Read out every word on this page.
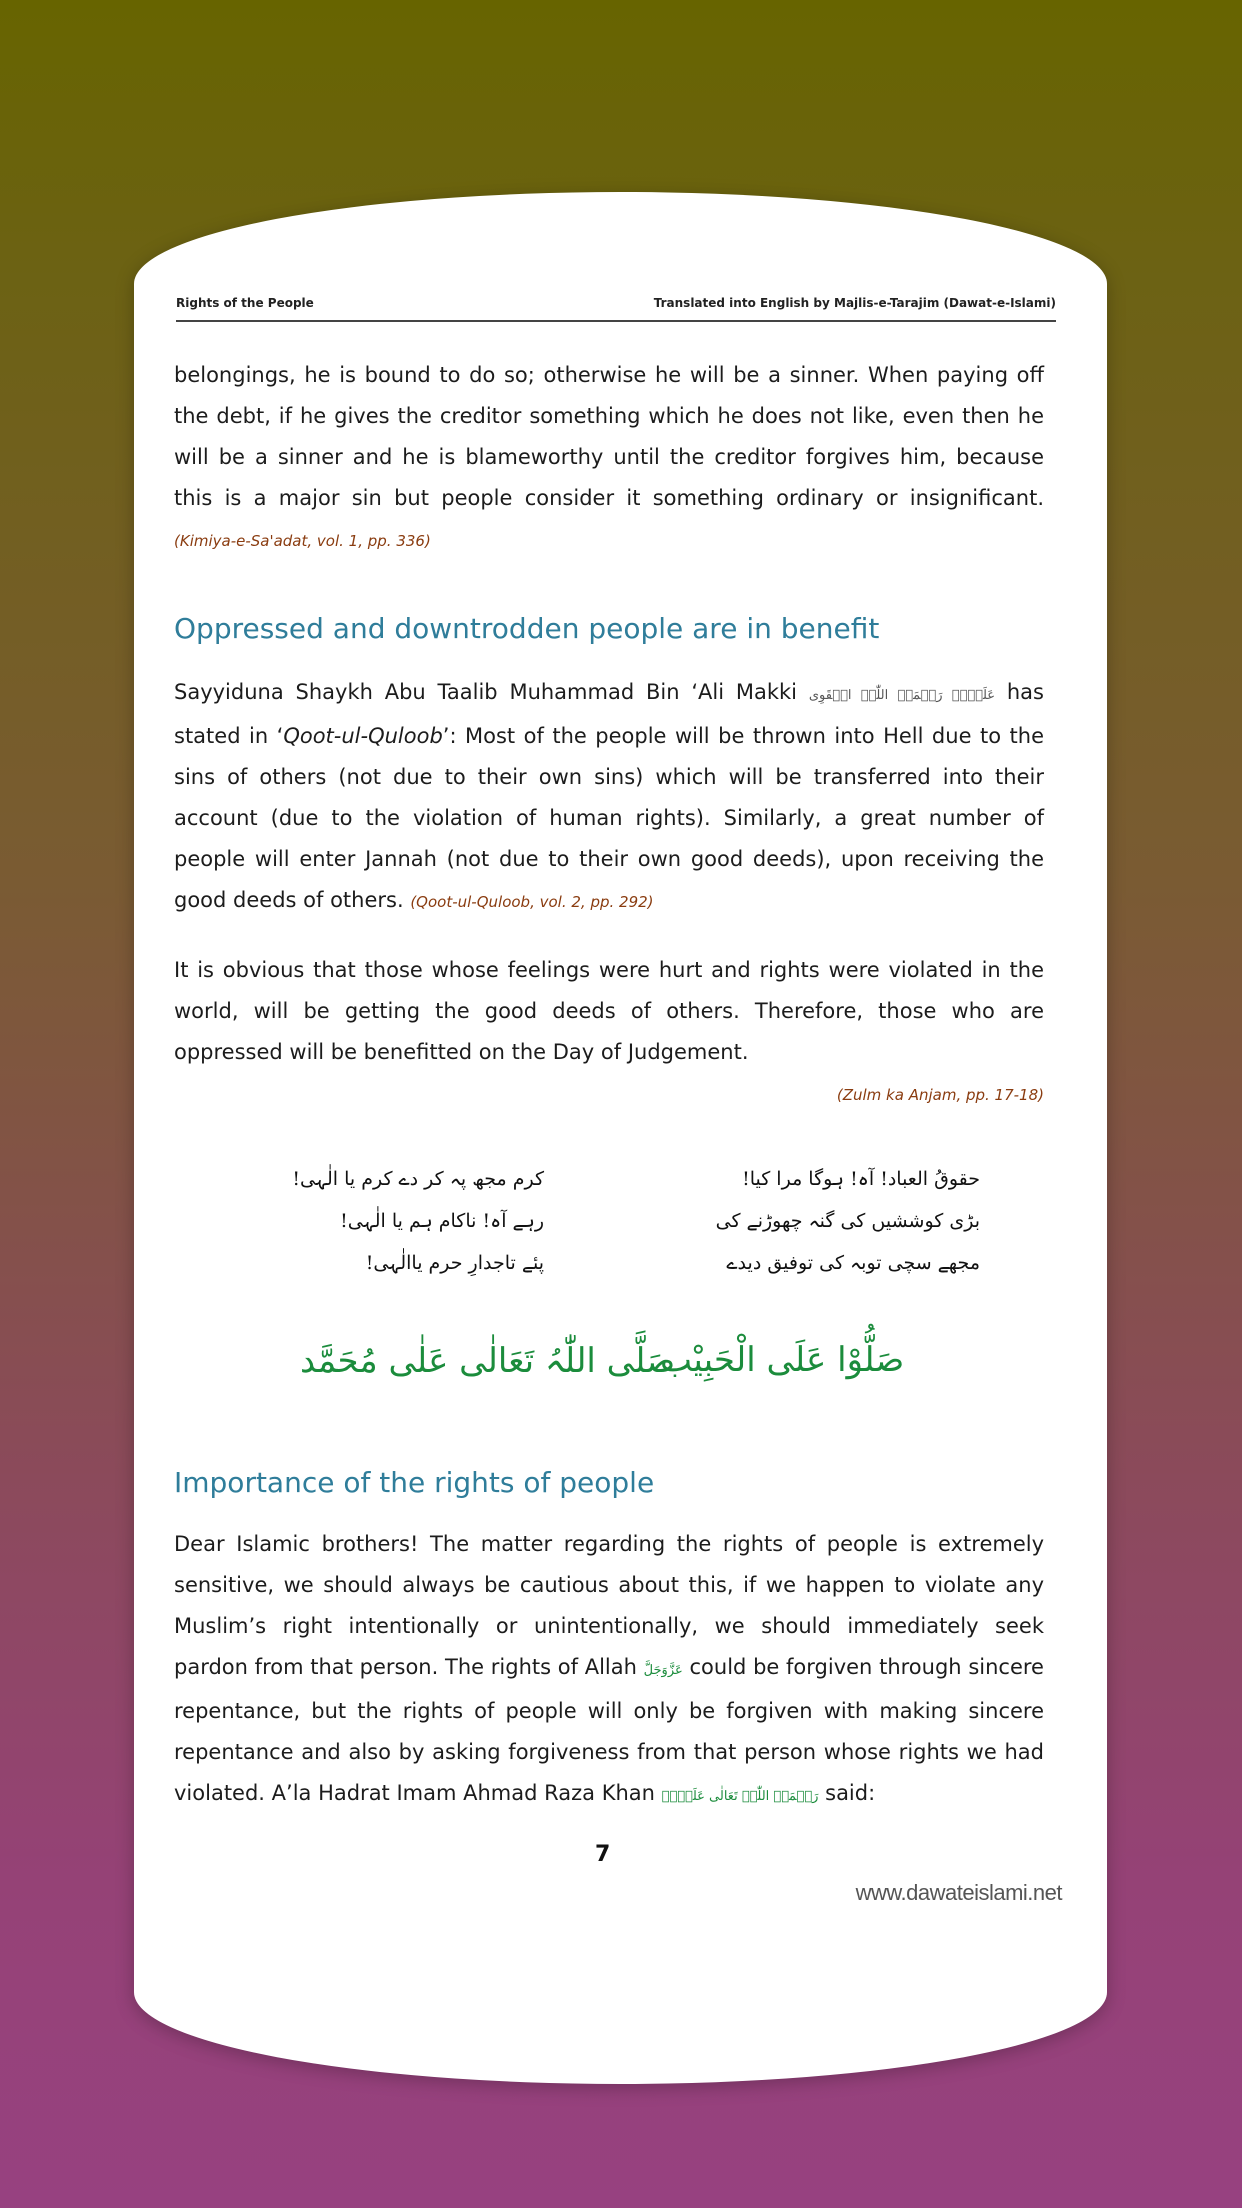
Rights of the People	Translated into English by Majlis-e-Tarajim (Dawat-e-Islami)

belongings, he is bound to do so; otherwise he will be a sinner. When paying off the debt, if he gives the creditor something which he does not like, even then he will be a sinner and he is blameworthy until the creditor forgives him, because this is a major sin but people consider it something ordinary or insignificant. (Kimiya-e-Sa'adat, vol. 1, pp. 336)

Oppressed and downtrodden people are in benefit

Sayyiduna Shaykh Abu Taalib Muhammad Bin ‘Ali Makki عَلَیۡہِ رَحۡمَۃُ اللّٰہِ الۡقَوِی has stated in ‘Qoot-ul-Quloob’: Most of the people will be thrown into Hell due to the sins of others (not due to their own sins) which will be transferred into their account (due to the violation of human rights). Similarly, a great number of people will enter Jannah (not due to their own good deeds), upon receiving the good deeds of others. (Qoot-ul-Quloob, vol. 2, pp. 292)

It is obvious that those whose feelings were hurt and rights were violated in the world, will be getting the good deeds of others. Therefore, those who are oppressed will be benefitted on the Day of Judgement.

(Zulm ka Anjam, pp. 17-18)
کرم مجھ پہ کر دے کرم یا الٰہی!
رہے آہ! ناکام ہم یا الٰہی!
پئے تاجدارِ حرم یاالٰہی!
حقوقُ العباد! آہ! ہوگا مرا کیا!
بڑی کوششیں کی گنہ چھوڑنے کی
مجھے سچی توبہ کی توفیق دیدے
صَلُّوْا عَلَی الْحَبِیْب
صَلَّی اللّٰہُ تَعَالٰی عَلٰی مُحَمَّد
Importance of the rights of people

Dear Islamic brothers! The matter regarding the rights of people is extremely sensitive, we should always be cautious about this, if we happen to violate any Muslim’s right intentionally or unintentionally, we should immediately seek pardon from that person. The rights of Allah عَزَّوَجَلَّ could be forgiven through sincere repentance, but the rights of people will only be forgiven with making sincere repentance and also by asking forgiveness from that person whose rights we had violated. A’la Hadrat Imam Ahmad Raza Khan رَحۡمَۃُ اللّٰہِ تَعَالٰی عَلَیۡہِ said:

7
www.dawateislami.net
